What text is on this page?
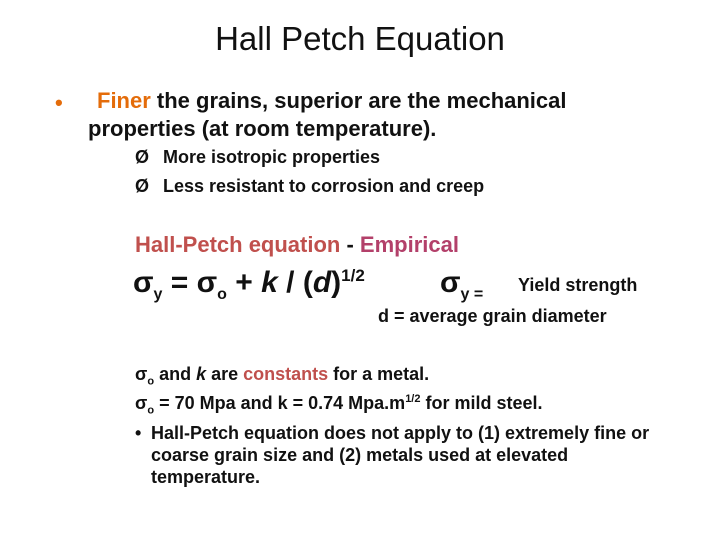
Hall Petch Equation
• Finer the grains, superior are the mechanical
properties (at room temperature).
Ø More isotropic properties
Ø Less resistant to corrosion and creep
Hall-Petch equation - Empirical
$\sigma_y = \sigma_o + k / (d)^{1/2}$	$\sigma_{y =}$ Yield strength
d = average grain diameter
$\sigma_o$ and k are constants for a metal.
$\sigma_o = 70$ Mpa and k = 0.74 $Mpa.m^{1/2}$ for mild steel.
• Hall-Petch equation does not apply to (1) extremely fine or coarse grain size and (2) metals used at elevated temperature.
